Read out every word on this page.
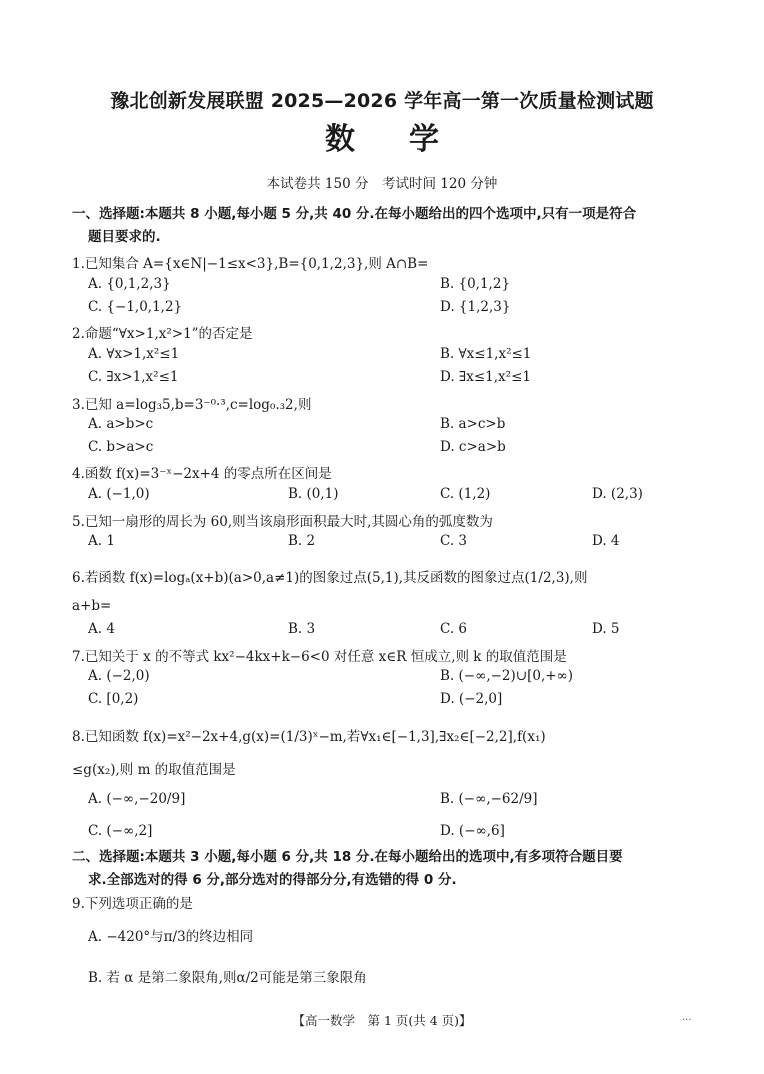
豫北创新发展联盟 2025—2026 学年高一第一次质量检测试题
数学
本试卷共 150 分　考试时间 120 分钟
一、选择题:本题共 8 小题,每小题 5 分,共 40 分.在每小题给出的四个选项中,只有一项是符合
题目要求的.
1.已知集合 A={x∈N|−1≤x<3},B={0,1,2,3},则 A∩B=
A. {0,1,2,3}	B. {0,1,2}
C. {−1,0,1,2}	D. {1,2,3}
2.命题“∀x>1,x²>1”的否定是
A. ∀x>1,x²≤1	B. ∀x≤1,x²≤1
C. ∃x>1,x²≤1	D. ∃x≤1,x²≤1
3.已知 a=log₃5,b=3⁻⁰·³,c=log₀.₃2,则
A. a>b>c	B. a>c>b
C. b>a>c	D. c>a>b
4.函数 f(x)=3⁻ˣ−2x+4 的零点所在区间是
A. (−1,0)	B. (0,1)	C. (1,2)	D. (2,3)
5.已知一扇形的周长为 60,则当该扇形面积最大时,其圆心角的弧度数为
A. 1	B. 2	C. 3	D. 4
6.若函数 f(x)=logₐ(x+b)(a>0,a≠1)的图象过点(5,1),其反函数的图象过点(1/2,3),则
a+b=
A. 4	B. 3	C. 6	D. 5
7.已知关于 x 的不等式 kx²−4kx+k−6<0 对任意 x∈R 恒成立,则 k 的取值范围是
A. (−2,0)	B. (−∞,−2)∪[0,+∞)
C. [0,2)	D. (−2,0]
8.已知函数 f(x)=x²−2x+4,g(x)=(1/3)ˣ−m,若∀x₁∈[−1,3],∃x₂∈[−2,2],f(x₁)
≤g(x₂),则 m 的取值范围是
A. (−∞,−20/9]	B. (−∞,−62/9]
C. (−∞,2]	D. (−∞,6]
二、选择题:本题共 3 小题,每小题 6 分,共 18 分.在每小题给出的选项中,有多项符合题目要
求.全部选对的得 6 分,部分选对的得部分分,有选错的得 0 分.
9.下列选项正确的是
A. −420°与π/3的终边相同
B. 若 α 是第二象限角,则α/2可能是第三象限角
【高一数学　第 1 页(共 4 页)】	...
